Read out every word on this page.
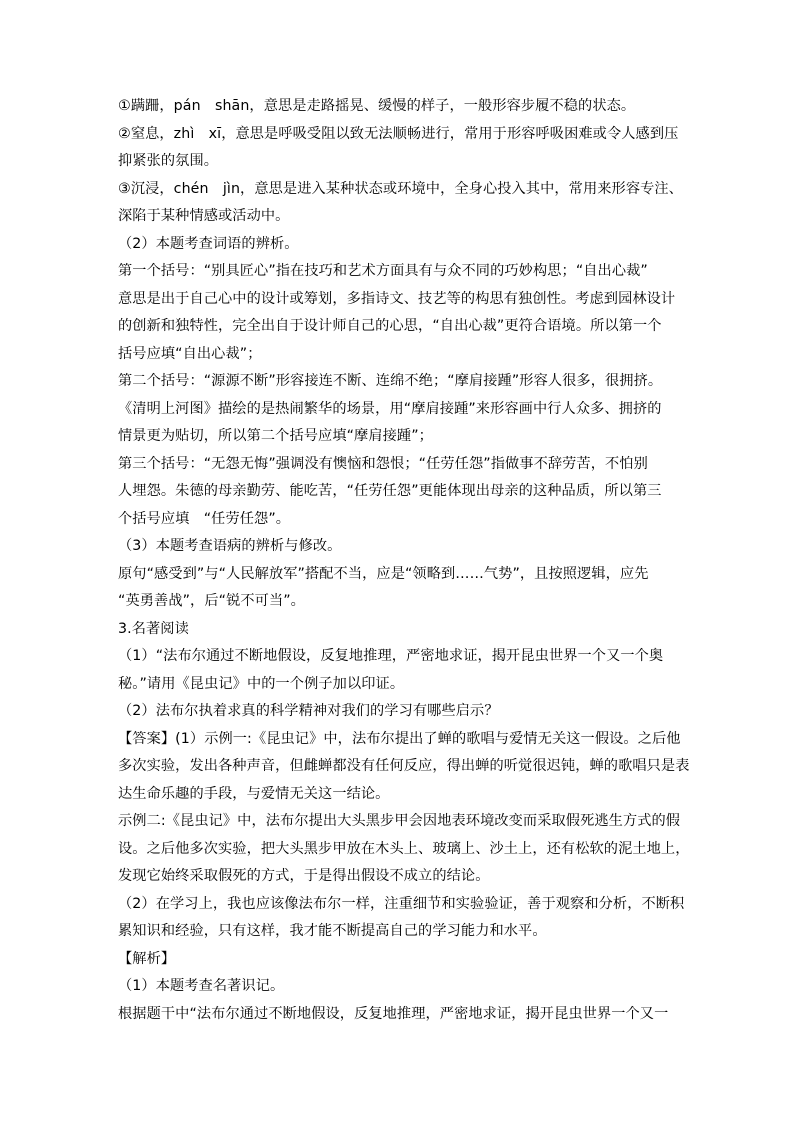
①蹒跚，pán　shān，意思是走路摇晃、缓慢的样子，一般形容步履不稳的状态。
②窒息，zhì　xī，意思是呼吸受阻以致无法顺畅进行，常用于形容呼吸困难或令人感到压
抑紧张的氛围。
③沉浸，chén　jìn，意思是进入某种状态或环境中，全身心投入其中，常用来形容专注、
深陷于某种情感或活动中。
（2）本题考查词语的辨析。
第一个括号：“别具匠心”指在技巧和艺术方面具有与众不同的巧妙构思；“自出心裁”
意思是出于自己心中的设计或筹划，多指诗文、技艺等的构思有独创性。考虑到园林设计
的创新和独特性，完全出自于设计师自己的心思，“自出心裁”更符合语境。所以第一个
括号应填“自出心裁”；
第二个括号：“源源不断”形容接连不断、连绵不绝；“摩肩接踵”形容人很多，很拥挤。
《清明上河图》描绘的是热闹繁华的场景，用“摩肩接踵”来形容画中行人众多、拥挤的
情景更为贴切，所以第二个括号应填“摩肩接踵”；
第三个括号：“无怨无悔”强调没有懊恼和怨恨；“任劳任怨”指做事不辞劳苦，不怕别
人埋怨。朱德的母亲勤劳、能吃苦，“任劳任怨”更能体现出母亲的这种品质，所以第三
个括号应填　“任劳任怨”。
（3）本题考查语病的辨析与修改。
原句“感受到”与“人民解放军”搭配不当，应是“领略到……气势”，且按照逻辑，应先
“英勇善战”，后“锐不可当”。
3.名著阅读
（1）“法布尔通过不断地假设，反复地推理，严密地求证，揭开昆虫世界一个又一个奥
秘。”请用《昆虫记》中的一个例子加以印证。
（2）法布尔执着求真的科学精神对我们的学习有哪些启示？
【答案】(1）示例一:《昆虫记》中，法布尔提出了蝉的歌唱与爱情无关这一假设。之后他
多次实验，发出各种声音，但雌蝉都没有任何反应，得出蝉的听觉很迟钝，蝉的歌唱只是表
达生命乐趣的手段，与爱情无关这一结论。
示例二:《昆虫记》中，法布尔提出大头黑步甲会因地表环境改变而采取假死逃生方式的假
设。之后他多次实验，把大头黑步甲放在木头上、玻璃上、沙土上，还有松软的泥土地上，
发现它始终采取假死的方式，于是得出假设不成立的结论。
（2）在学习上，我也应该像法布尔一样，注重细节和实验验证，善于观察和分析，不断积
累知识和经验，只有这样，我才能不断提高自己的学习能力和水平。
【解析】
（1）本题考查名著识记。
根据题干中“法布尔通过不断地假设，反复地推理，严密地求证，揭开昆虫世界一个又一
